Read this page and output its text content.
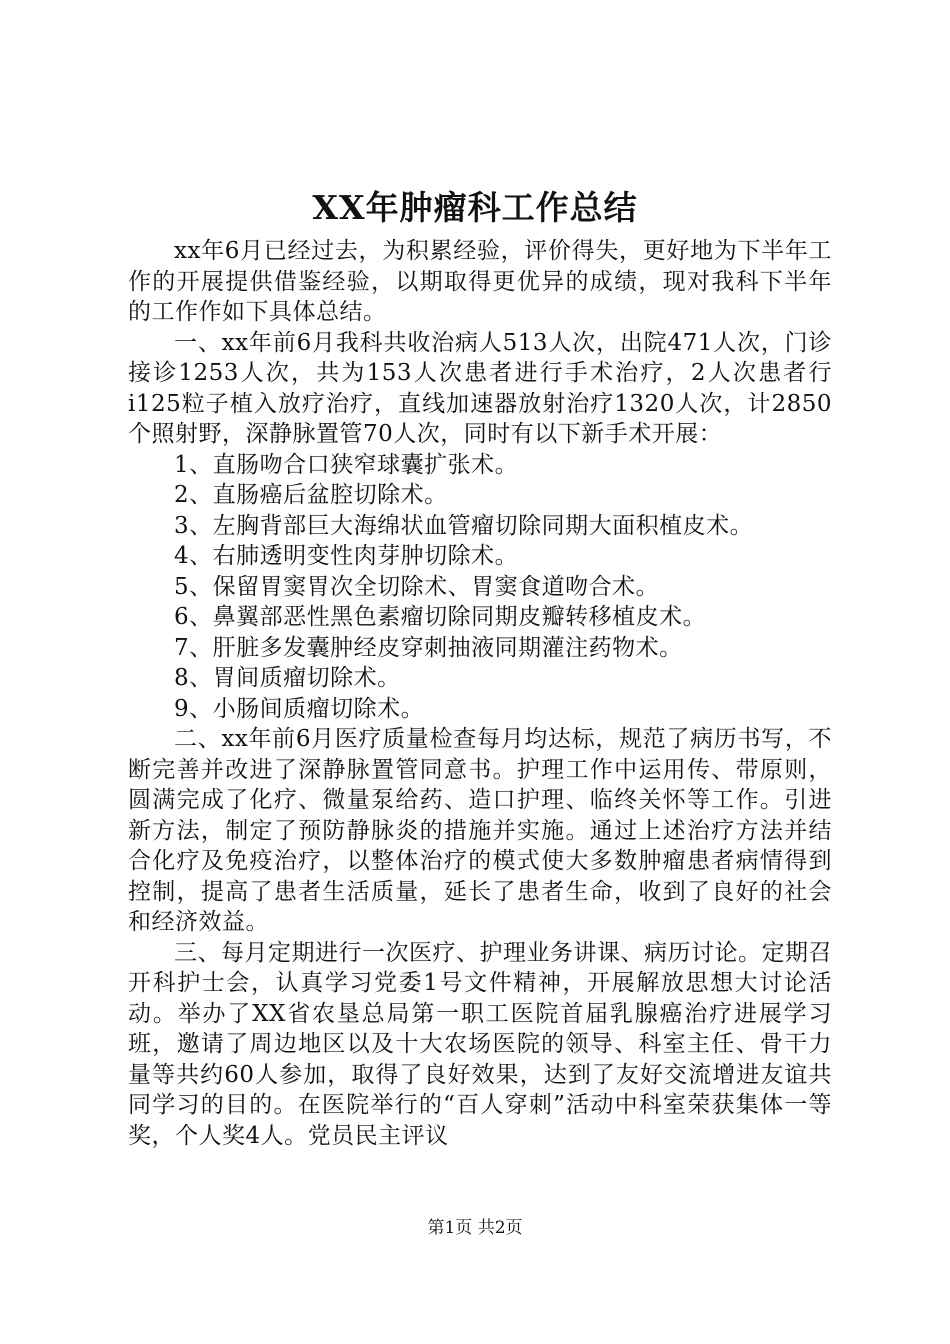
XX年肿瘤科工作总结

xx年6月已经过去，为积累经验，评价得失，更好地为下半年工作的开展提供借鉴经验，以期取得更优异的成绩，现对我科下半年的工作作如下具体总结。

一、xx年前6月我科共收治病人513人次，出院471人次，门诊接诊1253人次，共为153人次患者进行手术治疗，2人次患者行i125粒子植入放疗治疗，直线加速器放射治疗1320人次，计2850个照射野，深静脉置管70人次，同时有以下新手术开展：

1、直肠吻合口狭窄球囊扩张术。

2、直肠癌后盆腔切除术。

3、左胸背部巨大海绵状血管瘤切除同期大面积植皮术。

4、右肺透明变性肉芽肿切除术。

5、保留胃窦胃次全切除术、胃窦食道吻合术。

6、鼻翼部恶性黑色素瘤切除同期皮瓣转移植皮术。

7、肝脏多发囊肿经皮穿刺抽液同期灌注药物术。

8、胃间质瘤切除术。

9、小肠间质瘤切除术。

二、xx年前6月医疗质量检查每月均达标，规范了病历书写，不断完善并改进了深静脉置管同意书。护理工作中运用传、带原则，圆满完成了化疗、微量泵给药、造口护理、临终关怀等工作。引进新方法，制定了预防静脉炎的措施并实施。通过上述治疗方法并结合化疗及免疫治疗，以整体治疗的模式使大多数肿瘤患者病情得到控制，提高了患者生活质量，延长了患者生命，收到了良好的社会和经济效益。

三、每月定期进行一次医疗、护理业务讲课、病历讨论。定期召开科护士会，认真学习党委1号文件精神，开展解放思想大讨论活动。举办了XX省农垦总局第一职工医院首届乳腺癌治疗进展学习班，邀请了周边地区以及十大农场医院的领导、科室主任、骨干力量等共约60人参加，取得了良好效果，达到了友好交流增进友谊共同学习的目的。在医院举行的“百人穿刺”活动中科室荣获集体一等奖，个人奖4人。党员民主评议

第1页 共2页
